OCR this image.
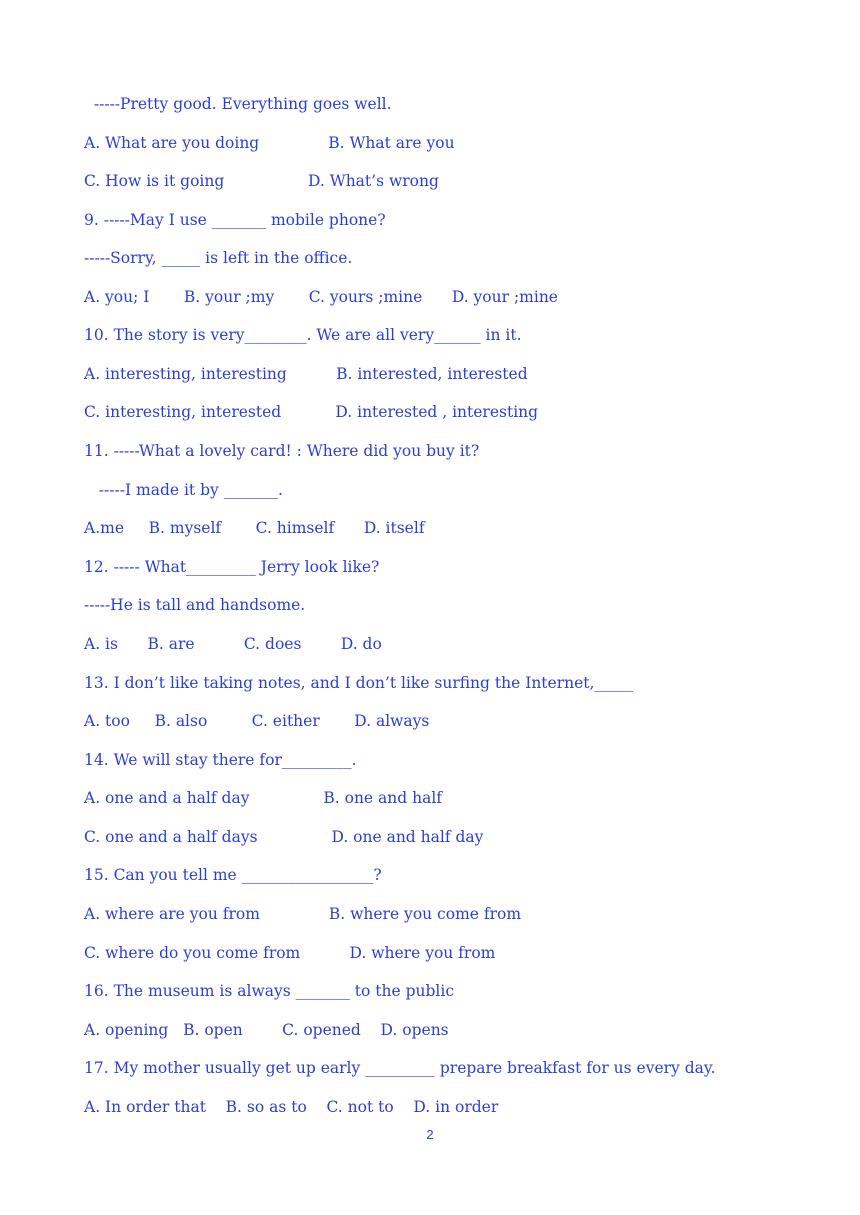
-----Pretty good. Everything goes well.
A. What are you doing              B. What are you
C. How is it going                 D. What’s wrong
9. -----May I use _______ mobile phone?
-----Sorry, _____ is left in the office.
A. you; I       B. your ;my       C. yours ;mine      D. your ;mine
10. The story is very________. We are all very______ in it.
A. interesting, interesting          B. interested, interested
C. interesting, interested           D. interested , interesting
11. -----What a lovely card! : Where did you buy it?
-----I made it by _______.
A.me     B. myself       C. himself      D. itself
12. ----- What_________ Jerry look like?
-----He is tall and handsome.
A. is      B. are          C. does        D. do
13. I don’t like taking notes, and I don’t like surfing the Internet,_____
A. too     B. also         C. either       D. always
14. We will stay there for_________.
A. one and a half day               B. one and half
C. one and a half days               D. one and half day
15. Can you tell me _________________?
A. where are you from              B. where you come from
C. where do you come from          D. where you from
16. The museum is always _______ to the public
A. opening   B. open        C. opened    D. opens
17. My mother usually get up early _________ prepare breakfast for us every day.
A. In order that    B. so as to    C. not to    D. in order
2
